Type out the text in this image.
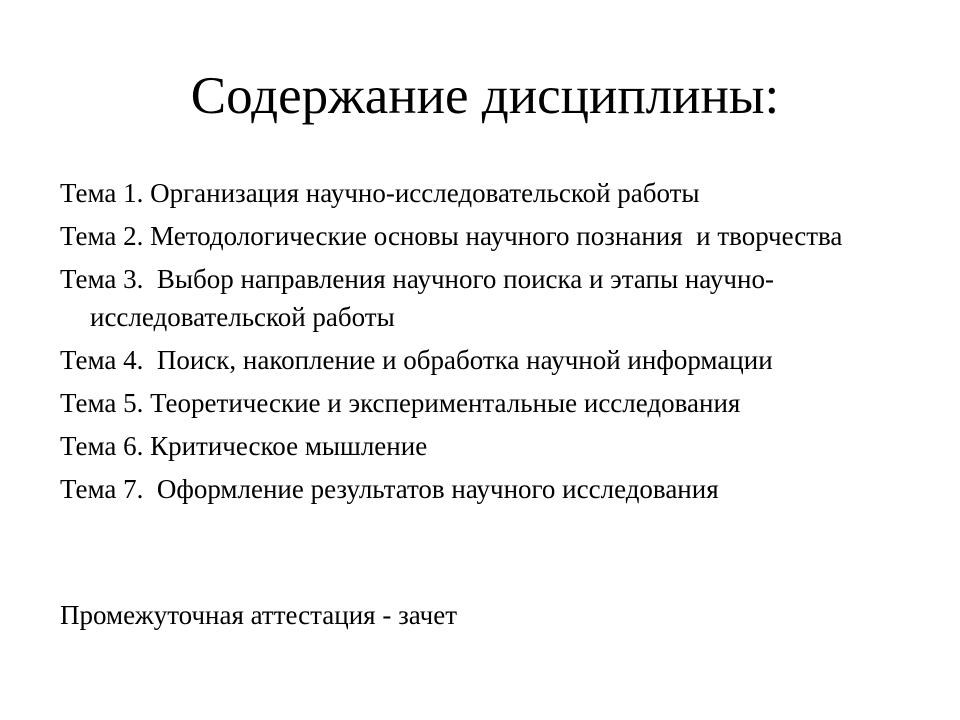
Содержание дисциплины:
Тема 1. Организация научно-исследовательской работы
Тема 2. Методологические основы научного познания  и творчества
Тема 3.  Выбор направления научного поиска и этапы научно-исследовательской работы
Тема 4.  Поиск, накопление и обработка научной информации
Тема 5. Теоретические и экспериментальные исследования
Тема 6. Критическое мышление
Тема 7.  Оформление результатов научного исследования

Промежуточная аттестация - зачет
